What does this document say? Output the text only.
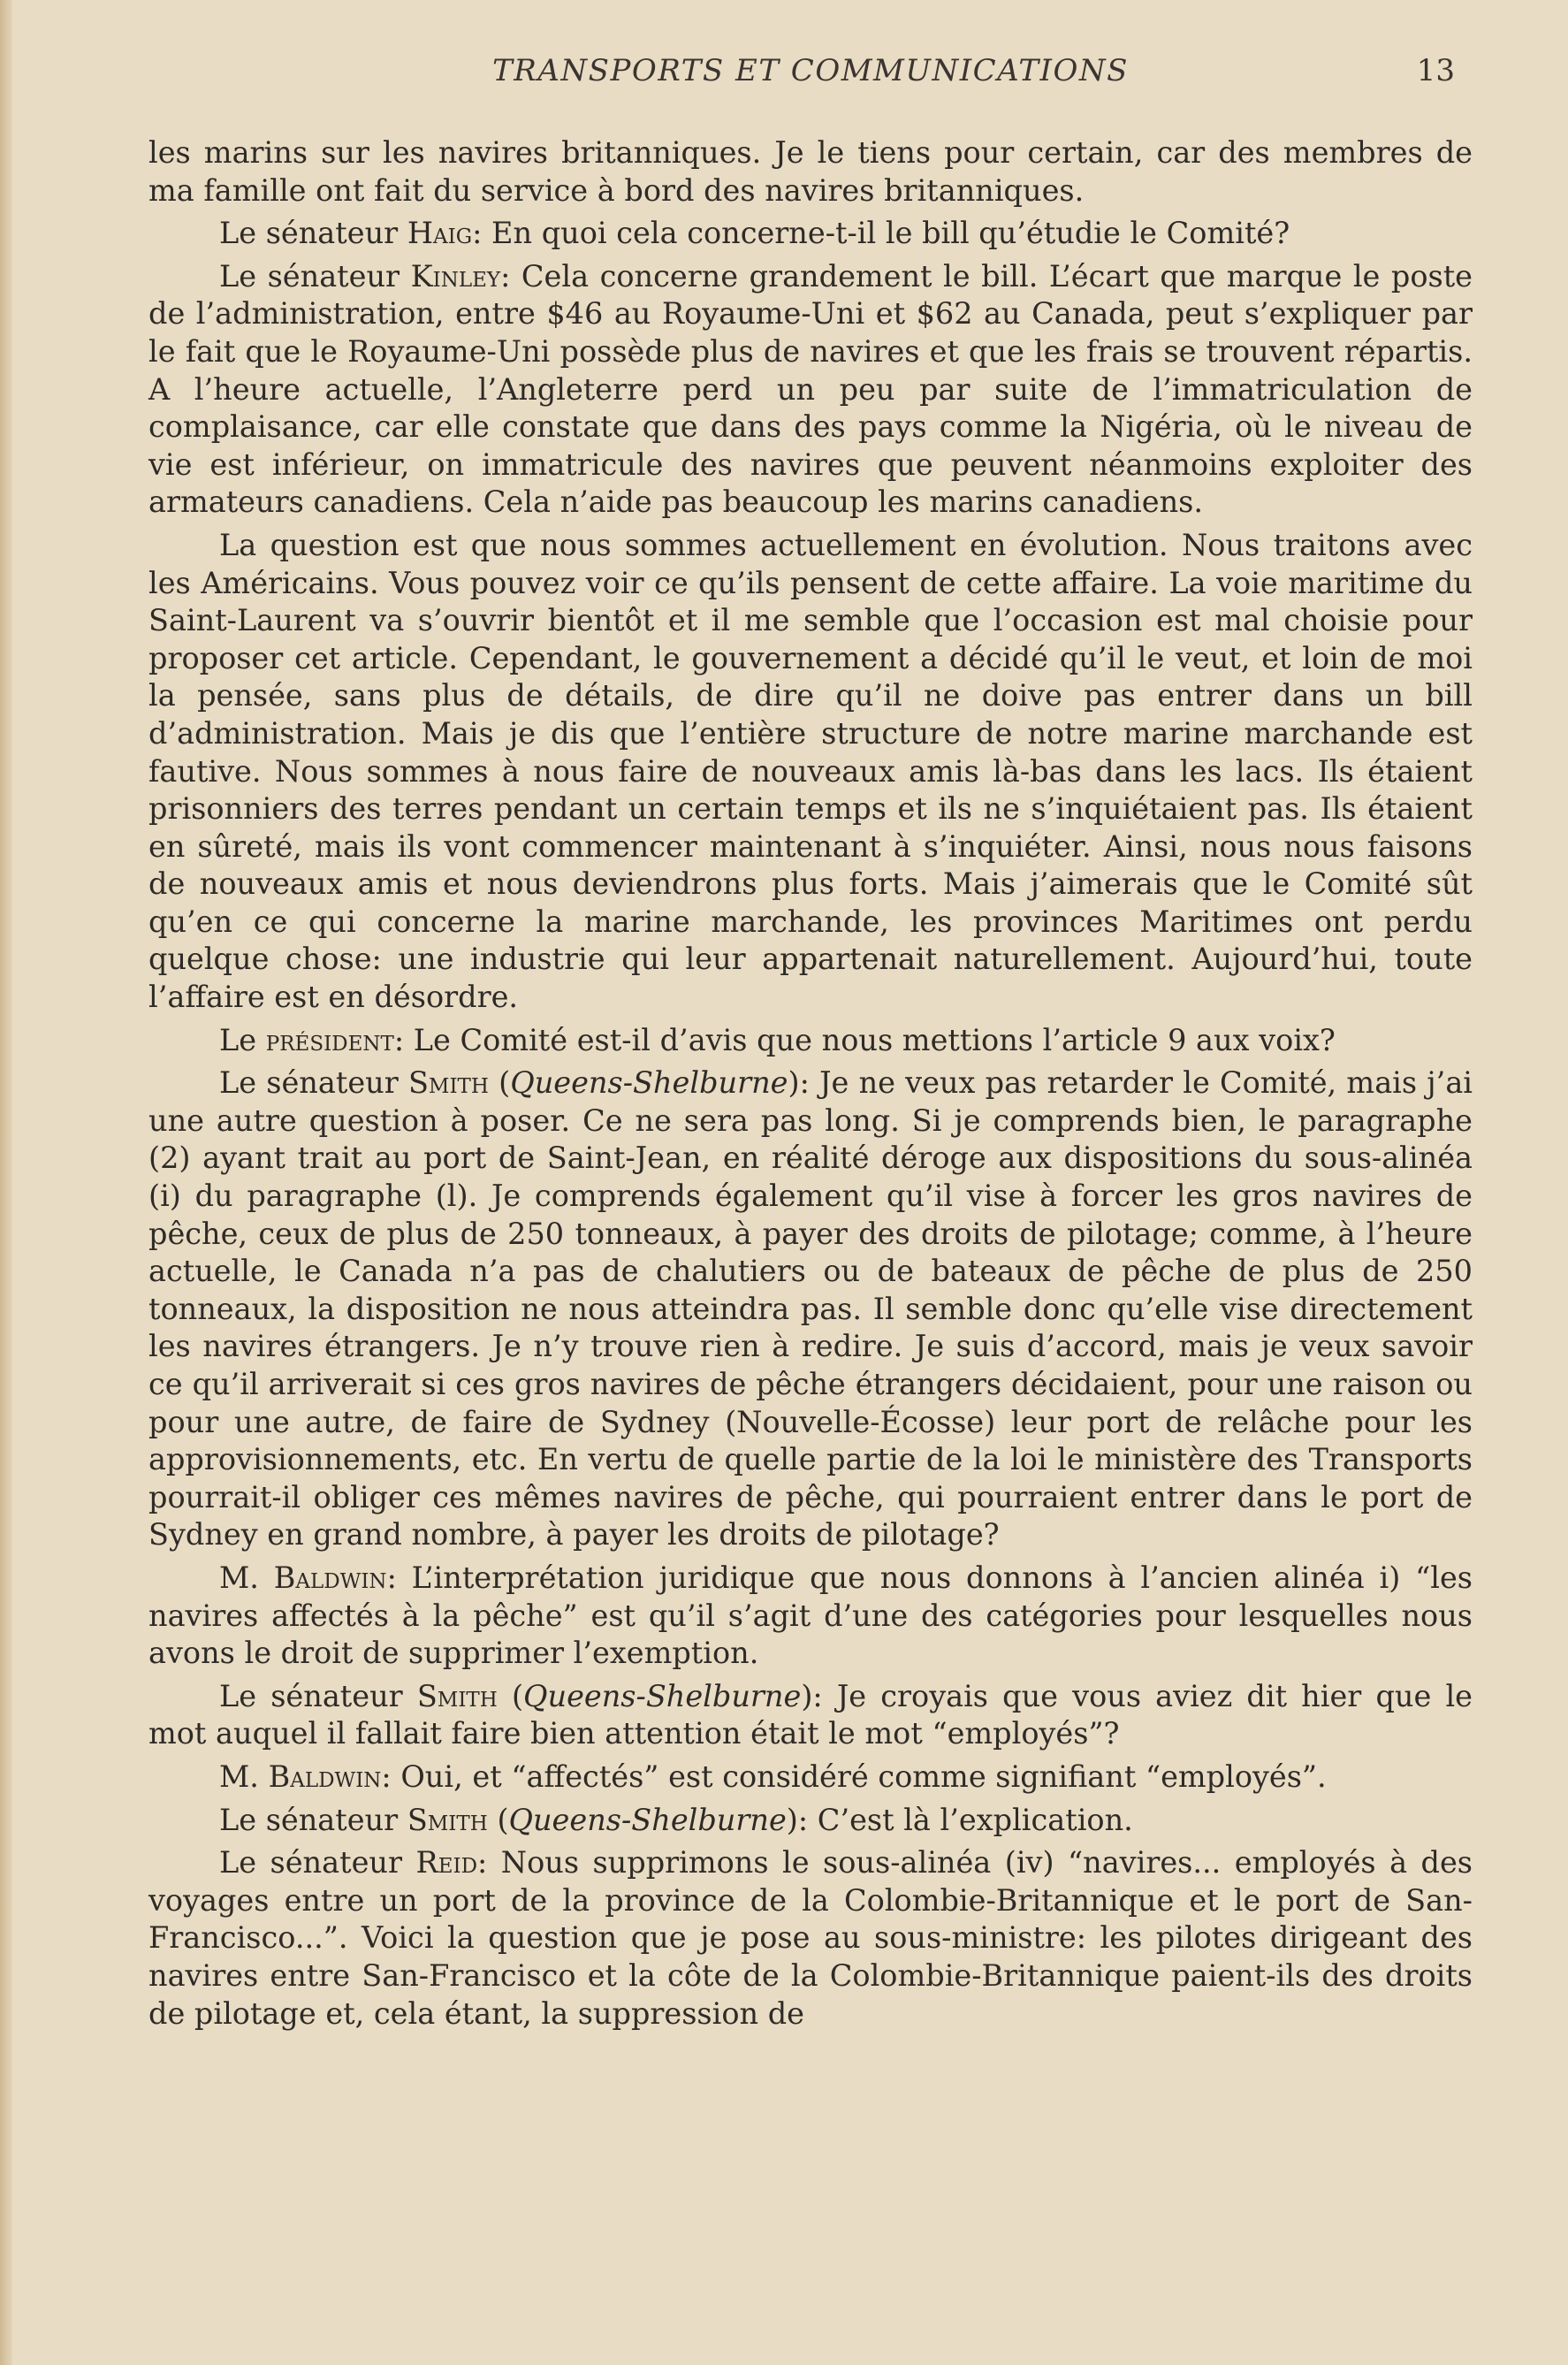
TRANSPORTS ET COMMUNICATIONS	13

les marins sur les navires britanniques. Je le tiens pour certain, car des membres de ma famille ont fait du service à bord des navires britanniques.

Le sénateur Haig: En quoi cela concerne-t-il le bill qu’étudie le Comité?

Le sénateur Kinley: Cela concerne grandement le bill. L’écart que marque le poste de l’administration, entre $46 au Royaume-Uni et $62 au Canada, peut s’expliquer par le fait que le Royaume-Uni possède plus de navires et que les frais se trouvent répartis. A l’heure actuelle, l’Angleterre perd un peu par suite de l’immatriculation de complaisance, car elle constate que dans des pays comme la Nigéria, où le niveau de vie est inférieur, on immatricule des navires que peuvent néanmoins exploiter des armateurs canadiens. Cela n’aide pas beaucoup les marins canadiens.

La question est que nous sommes actuellement en évolution. Nous traitons avec les Américains. Vous pouvez voir ce qu’ils pensent de cette affaire. La voie maritime du Saint-Laurent va s’ouvrir bientôt et il me semble que l’occasion est mal choisie pour proposer cet article. Cependant, le gouvernement a décidé qu’il le veut, et loin de moi la pensée, sans plus de détails, de dire qu’il ne doive pas entrer dans un bill d’administration. Mais je dis que l’entière structure de notre marine marchande est fautive. Nous sommes à nous faire de nouveaux amis là-bas dans les lacs. Ils étaient prisonniers des terres pendant un certain temps et ils ne s’inquiétaient pas. Ils étaient en sûreté, mais ils vont commencer maintenant à s’inquiéter. Ainsi, nous nous faisons de nouveaux amis et nous deviendrons plus forts. Mais j’aimerais que le Comité sût qu’en ce qui concerne la marine marchande, les provinces Maritimes ont perdu quelque chose: une industrie qui leur appartenait naturellement. Aujourd’hui, toute l’affaire est en désordre.

Le président: Le Comité est-il d’avis que nous mettions l’article 9 aux voix?

Le sénateur Smith (Queens-Shelburne): Je ne veux pas retarder le Comité, mais j’ai une autre question à poser. Ce ne sera pas long. Si je comprends bien, le paragraphe (2) ayant trait au port de Saint-Jean, en réalité déroge aux dispositions du sous-alinéa (i) du paragraphe (l). Je comprends également qu’il vise à forcer les gros navires de pêche, ceux de plus de 250 tonneaux, à payer des droits de pilotage; comme, à l’heure actuelle, le Canada n’a pas de chalutiers ou de bateaux de pêche de plus de 250 tonneaux, la disposition ne nous atteindra pas. Il semble donc qu’elle vise directement les navires étrangers. Je n’y trouve rien à redire. Je suis d’accord, mais je veux savoir ce qu’il arriverait si ces gros navires de pêche étrangers décidaient, pour une raison ou pour une autre, de faire de Sydney (Nouvelle-Écosse) leur port de relâche pour les approvisionnements, etc. En vertu de quelle partie de la loi le ministère des Transports pourrait-il obliger ces mêmes navires de pêche, qui pourraient entrer dans le port de Sydney en grand nombre, à payer les droits de pilotage?

M. Baldwin: L’interprétation juridique que nous donnons à l’ancien alinéa i) “les navires affectés à la pêche” est qu’il s’agit d’une des catégories pour lesquelles nous avons le droit de supprimer l’exemption.

Le sénateur Smith (Queens-Shelburne): Je croyais que vous aviez dit hier que le mot auquel il fallait faire bien attention était le mot “employés”?

M. Baldwin: Oui, et “affectés” est considéré comme signifiant “employés”.

Le sénateur Smith (Queens-Shelburne): C’est là l’explication.

Le sénateur Reid: Nous supprimons le sous-alinéa (iv) “navires... employés à des voyages entre un port de la province de la Colombie-Britannique et le port de San-Francisco...”. Voici la question que je pose au sous-ministre: les pilotes dirigeant des navires entre San-Francisco et la côte de la Colombie-Britannique paient-ils des droits de pilotage et, cela étant, la suppression de
